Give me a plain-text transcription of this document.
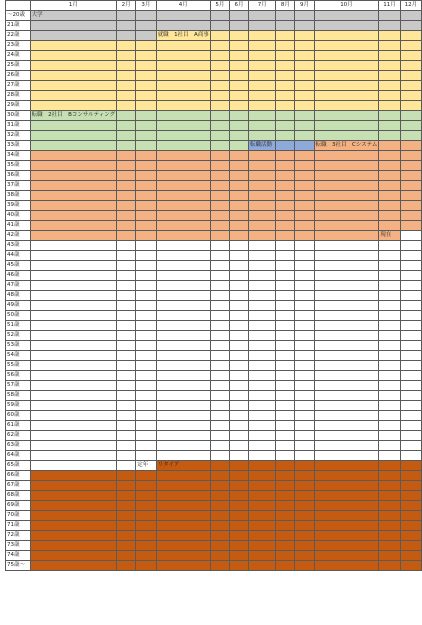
	1月	2月	3月	4月	5月	6月	7月	8月	9月	10月	11月	12月
～20歳	大学											
21歳												
22歳				就職　1社目　A商事								
23歳												
24歳												
25歳												
26歳												
27歳												
28歳												
29歳												
30歳	転職　2社目　Bコンサルティング											
31歳												
32歳												
33歳							転職活動			転職　3社目　Cシステム		
34歳												
35歳												
36歳												
37歳												
38歳												
39歳												
40歳												
41歳												
42歳											現在	
43歳												
44歳												
45歳												
46歳												
47歳												
48歳												
49歳												
50歳												
51歳												
52歳												
53歳												
54歳												
55歳												
56歳												
57歳												
58歳												
59歳												
60歳												
61歳												
62歳												
63歳												
64歳												
65歳			定年	リタイア								
66歳												
67歳												
68歳												
69歳												
70歳												
71歳												
72歳												
73歳												
74歳												
75歳～												
